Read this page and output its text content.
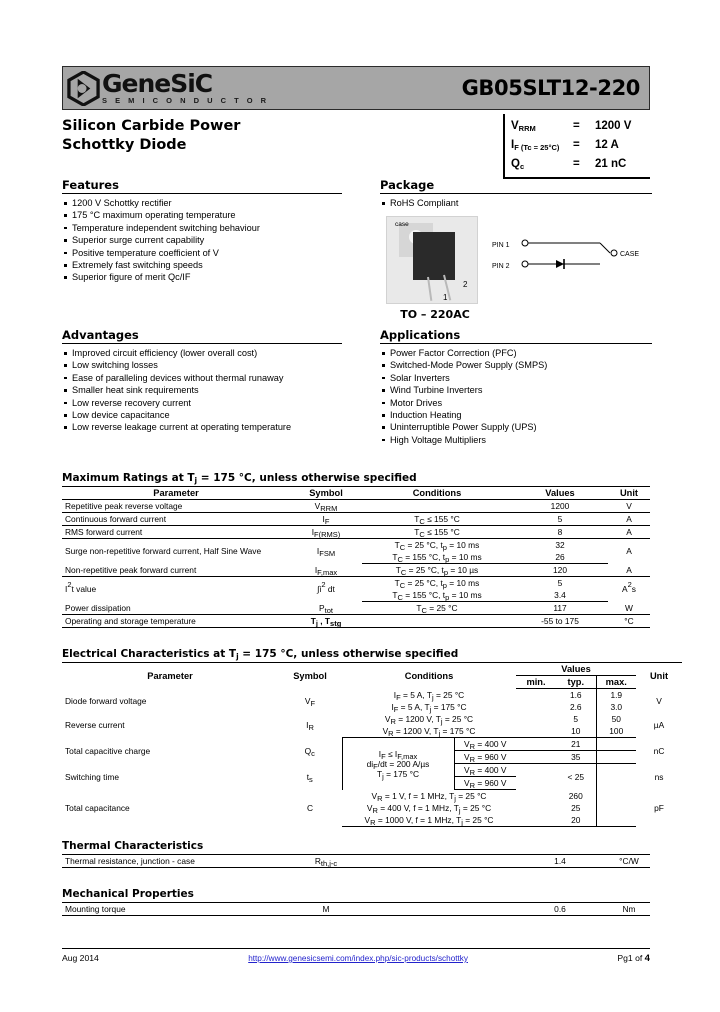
GeneSiC
S E M I C O N D U C T O R
GB05SLT12-220
Silicon Carbide Power
Schottky Diode
$V_{RRM}$	=	1200 V
$I_{F (Tc = 25^\circ C)}$	=	12 A
$Q_c$	=	21 nC
Features
1200 V Schottky rectifier
175 °C maximum operating temperature
Temperature independent switching behaviour
Superior surge current capability
Positive temperature coefficient of V
Extremely fast switching speeds
Superior figure of merit Qc/IF
Package
RoHS Compliant
case
2
1
TO – 220AC
PIN 1
PIN 2
CASE
Advantages
Improved circuit efficiency (lower overall cost)
Low switching losses
Ease of paralleling devices without thermal runaway
Smaller heat sink requirements
Low reverse recovery current
Low device capacitance
Low reverse leakage current at operating temperature
Applications
Power Factor Correction (PFC)
Switched-Mode Power Supply (SMPS)
Solar Inverters
Wind Turbine Inverters
Motor Drives
Induction Heating
Uninterruptible Power Supply (UPS)
High Voltage Multipliers
Maximum Ratings at $T_j = 175$ °C, unless otherwise specified
Parameter	Symbol	Conditions	Values	Unit
Repetitive peak reverse voltage	$V_{RRM}$		1200	V
Continuous forward current	$I_F$	$T_C \le 155$ °C	5	A
RMS forward current	$I_{F(RMS)}$	$T_C \le 155$ °C	8	A
Surge non-repetitive forward current, Half Sine Wave	$I_{FSM}$	$T_C = 25$ °C, $t_p = 10$ ms	32	A
		$T_C = 155$ °C, $t_p = 10$ ms	26	
Non-repetitive peak forward current	$I_{F,max}$	$T_C = 25$ °C, $t_p = 10$ µs	120	A
$I^2t$ value	$\int i^2$ dt	$T_C = 25$ °C, $t_p = 10$ ms	5	$A^2s$
		$T_C = 155$ °C, $t_p = 10$ ms	3.4	
Power dissipation	$P_{tot}$	$T_C = 25$ °C	117	W
Operating and storage temperature	$T_j$ , $T_{stg}$		-55 to 175	°C
Electrical Characteristics at $T_j = 175$ °C, unless otherwise specified
Parameter	Symbol	Conditions		Values			Unit
				min.	typ.	max.	
Diode forward voltage	$V_F$	$I_F = 5$ A, $T_j = 25$ °C			1.6	1.9	V
		$I_F = 5$ A, $T_j = 175$ °C			2.6	3.0	
Reverse current	$I_R$	$V_R = 1200$ V, $T_j = 25$ °C			5	50	µA
		$V_R = 1200$ V, $T_j = 175$ °C			10	100	
Total capacitive charge	$Q_c$	$I_F \le I_{F,max}$
$di_F/dt = 200$ A/µs
$T_j = 175$ °C	$V_R = 400$ V		21		nC
			$V_R = 960$ V		35		
Switching time	$t_s$		$V_R = 400$ V		< 25		ns
			$V_R = 960$ V				
Total capacitance	C	$V_R = 1$ V, f = 1 MHz, $T_j = 25$ °C			260		pF
		$V_R = 400$ V, f = 1 MHz, $T_j = 25$ °C			25		
		$V_R = 1000$ V, f = 1 MHz, $T_j = 25$ °C			20		
Thermal Characteristics
Thermal resistance, junction - case	$R_{th,j-c}$		1.4	°C/W
Mechanical Properties
Mounting torque	M		0.6	Nm
Aug 2014	http://www.genesicsemi.com/index.php/sic-products/schottky	Pg1 of 4
